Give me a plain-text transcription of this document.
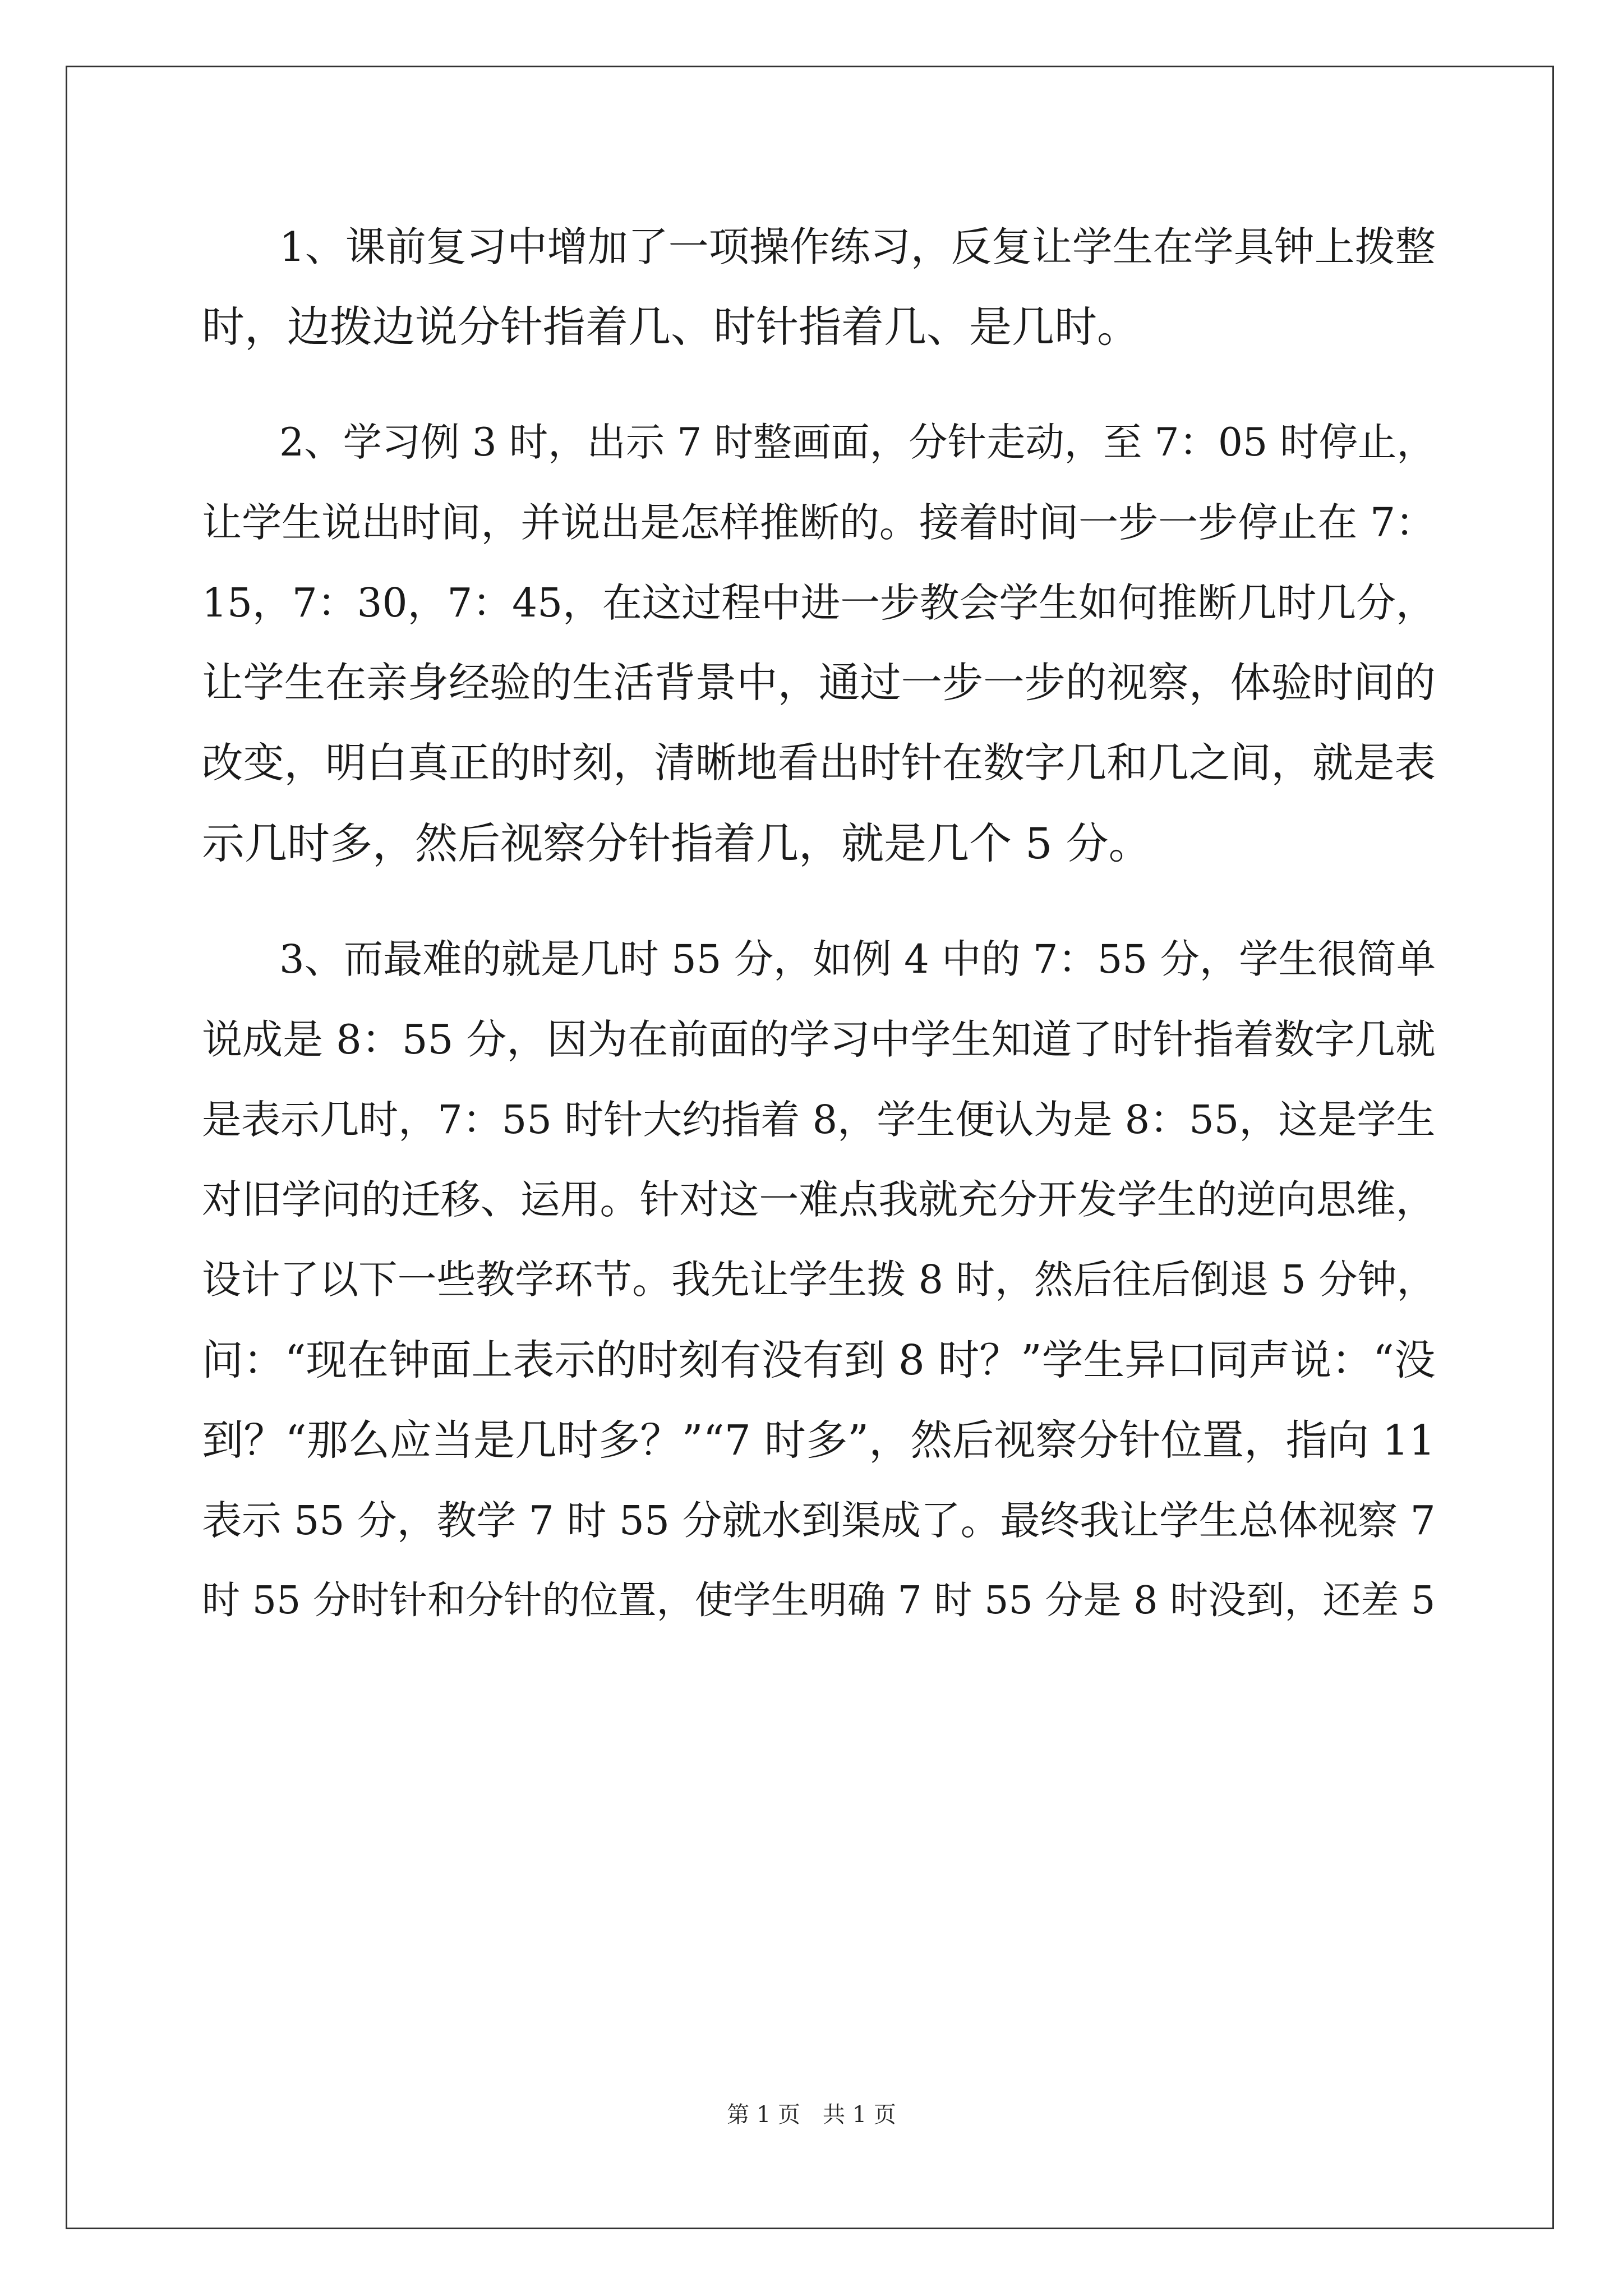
1、课前复习中增加了一项操作练习，反复让学生在学具钟上拨整
时，边拨边说分针指着几、时针指着几、是几时。
2、学习例 3 时，出示 7 时整画面，分针走动，至 7：05 时停止，
让学生说出时间，并说出是怎样推断的。接着时间一步一步停止在 7：
15，7：30，7：45，在这过程中进一步教会学生如何推断几时几分，
让学生在亲身经验的生活背景中，通过一步一步的视察，体验时间的
改变，明白真正的时刻，清晰地看出时针在数字几和几之间，就是表
示几时多，然后视察分针指着几，就是几个 5 分。
3、而最难的就是几时 55 分，如例 4 中的 7：55 分，学生很简单
说成是 8：55 分，因为在前面的学习中学生知道了时针指着数字几就
是表示几时，7：55 时针大约指着 8，学生便认为是 8：55，这是学生
对旧学问的迁移、运用。针对这一难点我就充分开发学生的逆向思维，
设计了以下一些教学环节。我先让学生拨 8 时，然后往后倒退 5 分钟，
问：“现在钟面上表示的时刻有没有到 8 时？”学生异口同声说：“没
到？“那么应当是几时多？”“7 时多”，然后视察分针位置，指向 11
表示 55 分，教学 7 时 55 分就水到渠成了。最终我让学生总体视察 7
时 55 分时针和分针的位置，使学生明确 7 时 55 分是 8 时没到，还差 5
第 1 页　共 1 页
